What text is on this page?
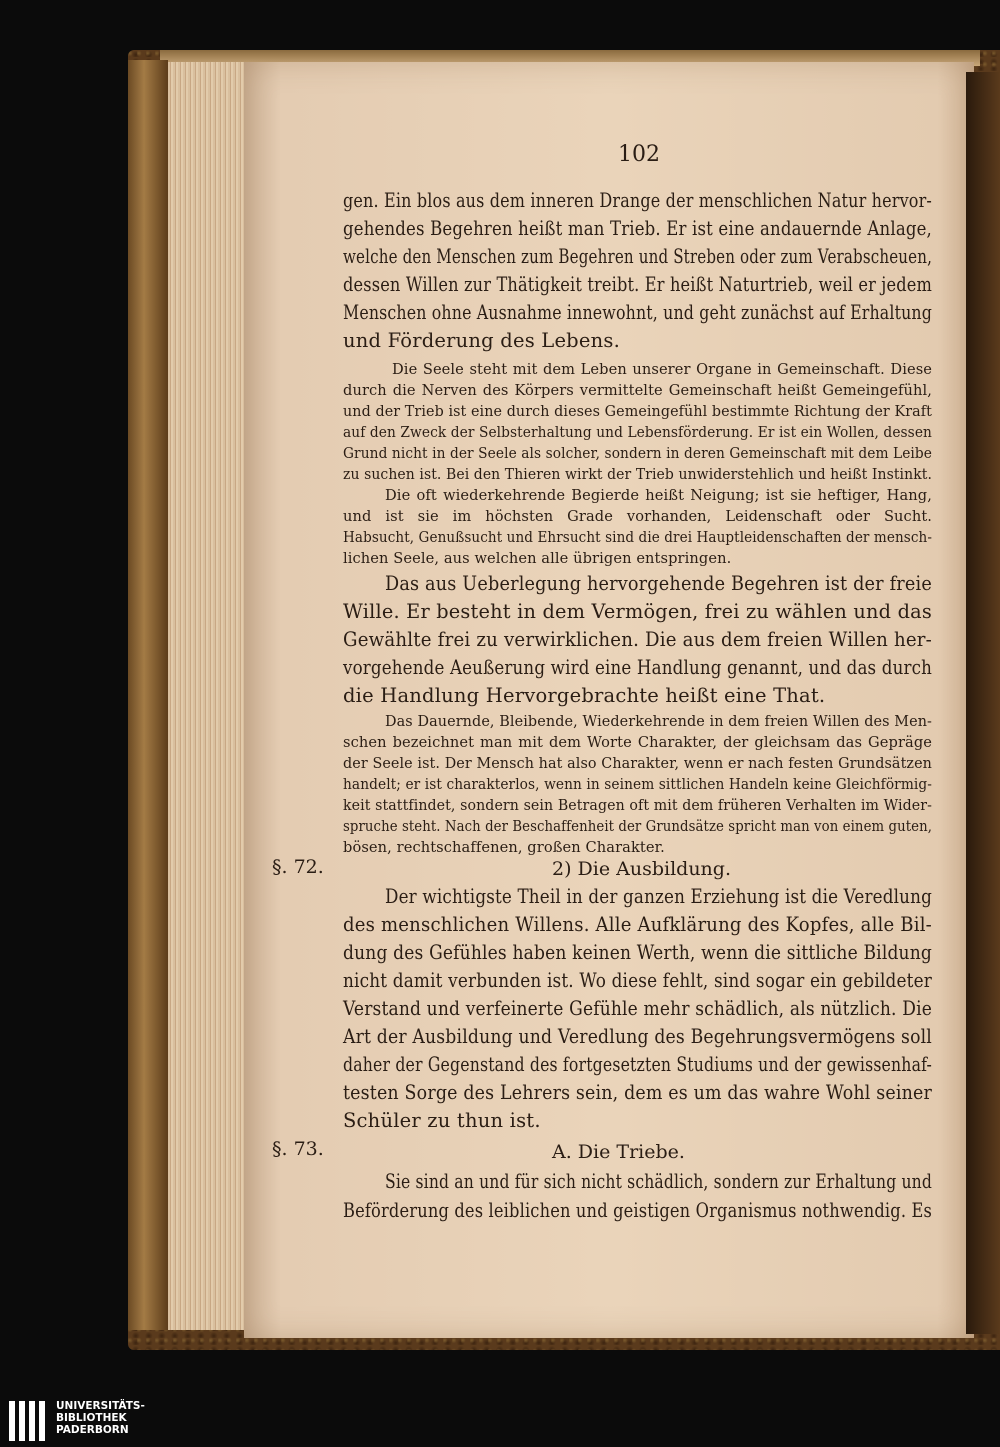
102
gen. Ein blos aus dem inneren Drange der menschlichen Natur hervor-
gehendes Begehren heißt man Trieb. Er ist eine andauernde Anlage,
welche den Menschen zum Begehren und Streben oder zum Verabscheuen,
dessen Willen zur Thätigkeit treibt. Er heißt Naturtrieb, weil er jedem
Menschen ohne Ausnahme innewohnt, und geht zunächst auf Erhaltung
und Förderung des Lebens.
Die Seele steht mit dem Leben unserer Organe in Gemeinschaft. Diese
durch die Nerven des Körpers vermittelte Gemeinschaft heißt Gemeingefühl,
und der Trieb ist eine durch dieses Gemeingefühl bestimmte Richtung der Kraft
auf den Zweck der Selbsterhaltung und Lebensförderung. Er ist ein Wollen, dessen
Grund nicht in der Seele als solcher, sondern in deren Gemeinschaft mit dem Leibe
zu suchen ist. Bei den Thieren wirkt der Trieb unwiderstehlich und heißt Instinkt.
Die oft wiederkehrende Begierde heißt Neigung; ist sie heftiger, Hang,
und ist sie im höchsten Grade vorhanden, Leidenschaft oder Sucht.
Habsucht, Genußsucht und Ehrsucht sind die drei Hauptleidenschaften der mensch-
lichen Seele, aus welchen alle übrigen entspringen.
Das aus Ueberlegung hervorgehende Begehren ist der freie
Wille. Er besteht in dem Vermögen, frei zu wählen und das
Gewählte frei zu verwirklichen. Die aus dem freien Willen her-
vorgehende Aeußerung wird eine Handlung genannt, und das durch
die Handlung Hervorgebrachte heißt eine That.
Das Dauernde, Bleibende, Wiederkehrende in dem freien Willen des Men-
schen bezeichnet man mit dem Worte Charakter, der gleichsam das Gepräge
der Seele ist. Der Mensch hat also Charakter, wenn er nach festen Grundsätzen
handelt; er ist charakterlos, wenn in seinem sittlichen Handeln keine Gleichförmig-
keit stattfindet, sondern sein Betragen oft mit dem früheren Verhalten im Wider-
spruche steht. Nach der Beschaffenheit der Grundsätze spricht man von einem guten,
bösen, rechtschaffenen, großen Charakter.
§. 72.	2) Die Ausbildung.
Der wichtigste Theil in der ganzen Erziehung ist die Veredlung
des menschlichen Willens. Alle Aufklärung des Kopfes, alle Bil-
dung des Gefühles haben keinen Werth, wenn die sittliche Bildung
nicht damit verbunden ist. Wo diese fehlt, sind sogar ein gebildeter
Verstand und verfeinerte Gefühle mehr schädlich, als nützlich. Die
Art der Ausbildung und Veredlung des Begehrungsvermögens soll
daher der Gegenstand des fortgesetzten Studiums und der gewissenhaf-
testen Sorge des Lehrers sein, dem es um das wahre Wohl seiner
Schüler zu thun ist.
§. 73.	A. Die Triebe.
Sie sind an und für sich nicht schädlich, sondern zur Erhaltung und
Beförderung des leiblichen und geistigen Organismus nothwendig. Es
UNIVERSITÄTS-
BIBLIOTHEK
PADERBORN
